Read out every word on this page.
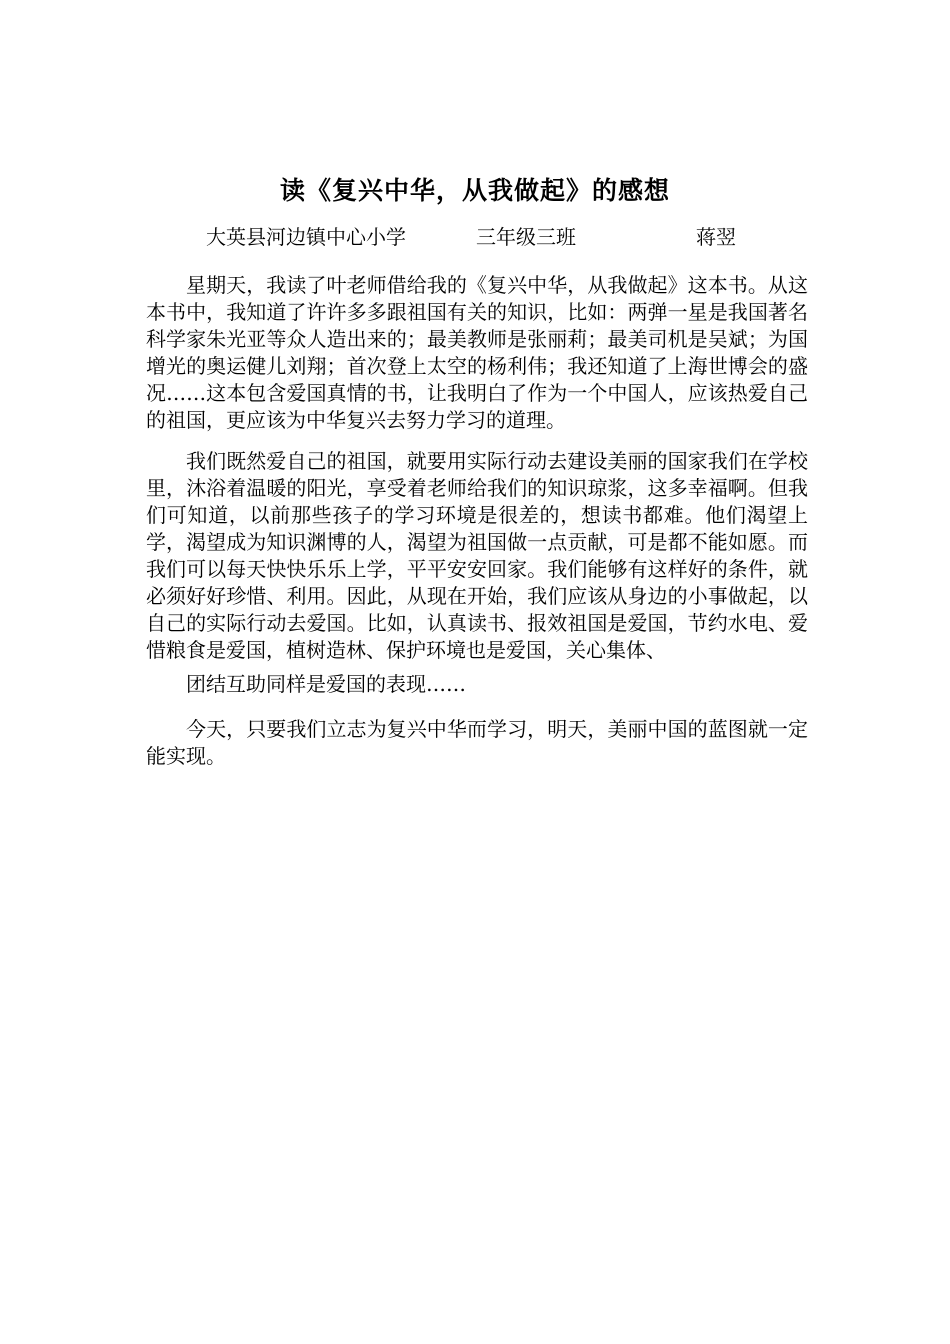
读《复兴中华，从我做起》的感想
大英县河边镇中心小学	三年级三班	蒋翌

星期天，我读了叶老师借给我的《复兴中华，从我做起》这本书。从这本书中，我知道了许许多多跟祖国有关的知识，比如：两弹一星是我国著名科学家朱光亚等众人造出来的；最美教师是张丽莉；最美司机是吴斌；为国增光的奥运健儿刘翔；首次登上太空的杨利伟；我还知道了上海世博会的盛况……这本包含爱国真情的书，让我明白了作为一个中国人，应该热爱自己的祖国，更应该为中华复兴去努力学习的道理。

我们既然爱自己的祖国，就要用实际行动去建设美丽的国家我们在学校里，沐浴着温暖的阳光，享受着老师给我们的知识琼浆，这多幸福啊。但我们可知道，以前那些孩子的学习环境是很差的，想读书都难。他们渴望上学，渴望成为知识渊博的人，渴望为祖国做一点贡献，可是都不能如愿。而我们可以每天快快乐乐上学，平平安安回家。我们能够有这样好的条件，就必须好好珍惜、利用。因此，从现在开始，我们应该从身边的小事做起，以自己的实际行动去爱国。比如，认真读书、报效祖国是爱国，节约水电、爱惜粮食是爱国，植树造林、保护环境也是爱国，关心集体、
团结互助同样是爱国的表现……

今天，只要我们立志为复兴中华而学习，明天，美丽中国的蓝图就一定能实现。
